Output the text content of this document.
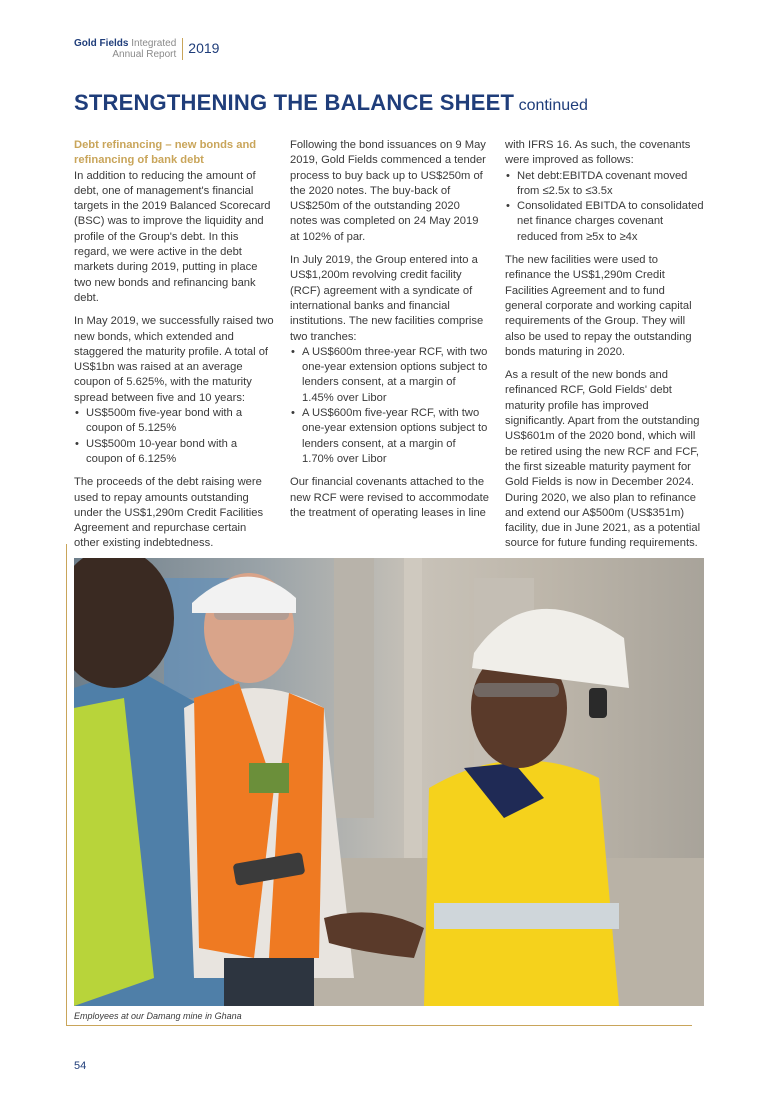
Gold Fields Integrated
Annual Report 2019
STRENGTHENING THE BALANCE SHEET continued

Debt refinancing – new bonds and refinancing of bank debt

In addition to reducing the amount of debt, one of management's financial targets in the 2019 Balanced Scorecard (BSC) was to improve the liquidity and profile of the Group's debt. In this regard, we were active in the debt markets during 2019, putting in place two new bonds and refinancing bank debt.

In May 2019, we successfully raised two new bonds, which extended and staggered the maturity profile. A total of US$1bn was raised at an average coupon of 5.625%, with the maturity spread between five and 10 years:

• US$500m five-year bond with a coupon of 5.125%
• US$500m 10-year bond with a coupon of 6.125%

The proceeds of the debt raising were used to repay amounts outstanding under the US$1,290m Credit Facilities Agreement and repurchase certain other existing indebtedness.

Following the bond issuances on 9 May 2019, Gold Fields commenced a tender process to buy back up to US$250m of the 2020 notes. The buy-back of US$250m of the outstanding 2020 notes was completed on 24 May 2019 at 102% of par.

In July 2019, the Group entered into a US$1,200m revolving credit facility (RCF) agreement with a syndicate of international banks and financial institutions. The new facilities comprise two tranches:

• A US$600m three-year RCF, with two one-year extension options subject to lenders consent, at a margin of 1.45% over Libor
• A US$600m five-year RCF, with two one-year extension options subject to lenders consent, at a margin of 1.70% over Libor

Our financial covenants attached to the new RCF were revised to accommodate the treatment of operating leases in line

with IFRS 16. As such, the covenants were improved as follows:

• Net debt:EBITDA covenant moved from ≤2.5x to ≤3.5x
• Consolidated EBITDA to consolidated net finance charges covenant reduced from ≥5x to ≥4x

The new facilities were used to refinance the US$1,290m Credit Facilities Agreement and to fund general corporate and working capital requirements of the Group. They will also be used to repay the outstanding bonds maturing in 2020.

As a result of the new bonds and refinanced RCF, Gold Fields' debt maturity profile has improved significantly. Apart from the outstanding US$601m of the 2020 bond, which will be retired using the new RCF and FCF, the first sizeable maturity payment for Gold Fields is now in December 2024. During 2020, we also plan to refinance and extend our A$500m (US$351m) facility, due in June 2021, as a potential source for future funding requirements.

Employees at our Damang mine in Ghana
54
